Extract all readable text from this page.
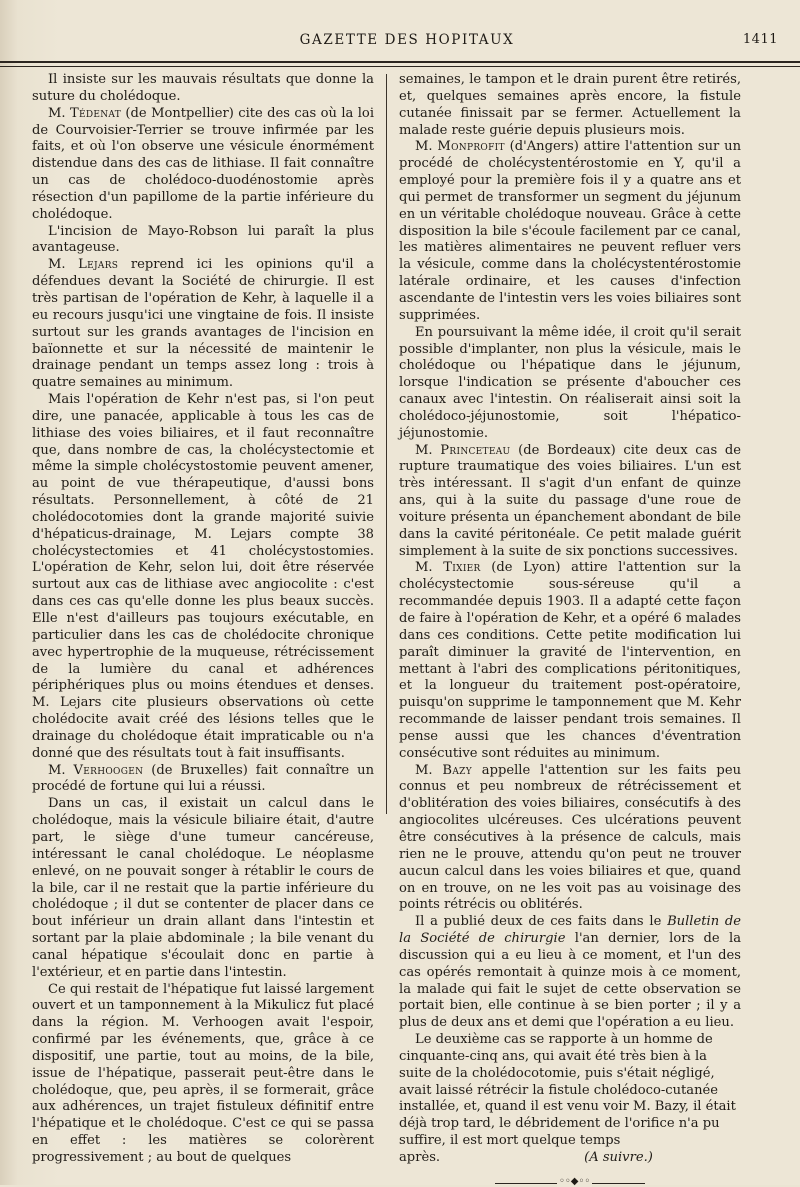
GAZETTE DES HOPITAUX	1411

Il insiste sur les mauvais résultats que donne la suture du cholédoque.

M. Tédenat (de Montpellier) cite des cas où la loi de Courvoisier-Terrier se trouve infirmée par les faits, et où l'on observe une vésicule énormément distendue dans des cas de lithiase. Il fait connaître un cas de cholédoco-duodénostomie après résection d'un papillome de la partie inférieure du cholédoque.

L'incision de Mayo-Robson lui paraît la plus avantageuse.

M. Lejars reprend ici les opinions qu'il a défendues devant la Société de chirurgie. Il est très partisan de l'opération de Kehr, à laquelle il a eu recours jusqu'ici une vingtaine de fois. Il insiste surtout sur les grands avantages de l'incision en baïonnette et sur la nécessité de maintenir le drainage pendant un temps assez long : trois à quatre semaines au minimum.

Mais l'opération de Kehr n'est pas, si l'on peut dire, une panacée, applicable à tous les cas de lithiase des voies biliaires, et il faut reconnaître que, dans nombre de cas, la cholécystectomie et même la simple cholécystostomie peuvent amener, au point de vue thérapeutique, d'aussi bons résultats. Personnellement, à côté de 21 cholédocotomies dont la grande majorité suivie d'hépaticus-drainage, M. Lejars compte 38 cholécystectomies et 41 cholécystostomies. L'opération de Kehr, selon lui, doit être réservée surtout aux cas de lithiase avec angiocolite : c'est dans ces cas qu'elle donne les plus beaux succès. Elle n'est d'ailleurs pas toujours exécutable, en particulier dans les cas de cholédocite chronique avec hypertrophie de la muqueuse, rétrécissement de la lumière du canal et adhérences périphériques plus ou moins étendues et denses. M. Lejars cite plusieurs observations où cette cholédocite avait créé des lésions telles que le drainage du cholédoque était impraticable ou n'a donné que des résultats tout à fait insuffisants.

M. Verhoogen (de Bruxelles) fait connaître un procédé de fortune qui lui a réussi.

Dans un cas, il existait un calcul dans le cholédoque, mais la vésicule biliaire était, d'autre part, le siège d'une tumeur cancéreuse, intéressant le canal cholédoque. Le néoplasme enlevé, on ne pouvait songer à rétablir le cours de la bile, car il ne restait que la partie inférieure du cholédoque ; il dut se contenter de placer dans ce bout inférieur un drain allant dans l'intestin et sortant par la plaie abdominale ; la bile venant du canal hépatique s'écoulait donc en partie à l'extérieur, et en partie dans l'intestin.

Ce qui restait de l'hépatique fut laissé largement ouvert et un tamponnement à la Mikulicz fut placé dans la région. M. Verhoogen avait l'espoir, confirmé par les événements, que, grâce à ce dispositif, une partie, tout au moins, de la bile, issue de l'hépatique, passerait peut-être dans le cholédoque, que, peu après, il se formerait, grâce aux adhérences, un trajet fistuleux définitif entre l'hépatique et le cholédoque. C'est ce qui se passa en effet : les matières se colorèrent progressivement ; au bout de quelques

semaines, le tampon et le drain purent être retirés, et, quelques semaines après encore, la fistule cutanée finissait par se fermer. Actuellement la malade reste guérie depuis plusieurs mois.

M. Monprofit (d'Angers) attire l'attention sur un procédé de cholécystentérostomie en Y, qu'il a employé pour la première fois il y a quatre ans et qui permet de transformer un segment du jéjunum en un véritable cholédoque nouveau. Grâce à cette disposition la bile s'écoule facilement par ce canal, les matières alimentaires ne peuvent refluer vers la vésicule, comme dans la cholécystentérostomie latérale ordinaire, et les causes d'infection ascendante de l'intestin vers les voies biliaires sont supprimées.

En poursuivant la même idée, il croit qu'il serait possible d'implanter, non plus la vésicule, mais le cholédoque ou l'hépatique dans le jéjunum, lorsque l'indication se présente d'aboucher ces canaux avec l'intestin. On réaliserait ainsi soit la cholédoco-jéjunostomie, soit l'hépatico-jéjunostomie.

M. Princeteau (de Bordeaux) cite deux cas de rupture traumatique des voies biliaires. L'un est très intéressant. Il s'agit d'un enfant de quinze ans, qui à la suite du passage d'une roue de voiture présenta un épanchement abondant de bile dans la cavité péritonéale. Ce petit malade guérit simplement à la suite de six ponctions successives.

M. Tixier (de Lyon) attire l'attention sur la cholécystectomie sous-séreuse qu'il a recommandée depuis 1903. Il a adapté cette façon de faire à l'opération de Kehr, et a opéré 6 malades dans ces conditions. Cette petite modification lui paraît diminuer la gravité de l'intervention, en mettant à l'abri des complications péritonitiques, et la longueur du traitement post-opératoire, puisqu'on supprime le tamponnement que M. Kehr recommande de laisser pendant trois semaines. Il pense aussi que les chances d'éventration consécutive sont réduites au minimum.

M. Bazy appelle l'attention sur les faits peu connus et peu nombreux de rétrécissement et d'oblitération des voies biliaires, consécutifs à des angiocolites ulcéreuses. Ces ulcérations peuvent être consécutives à la présence de calculs, mais rien ne le prouve, attendu qu'on peut ne trouver aucun calcul dans les voies biliaires et que, quand on en trouve, on ne les voit pas au voisinage des points rétrécis ou oblitérés.

Il a publié deux de ces faits dans le Bulletin de la Société de chirurgie l'an dernier, lors de la discussion qui a eu lieu à ce moment, et l'un des cas opérés remontait à quinze mois à ce moment, la malade qui fait le sujet de cette observation se portait bien, elle continue à se bien porter ; il y a plus de deux ans et demi que l'opération a eu lieu.

Le deuxième cas se rapporte à un homme de cinquante-cinq ans, qui avait été très bien à la suite de la cholédocotomie, puis s'était négligé, avait laissé rétrécir la fistule cholédoco-cutanée installée, et, quand il est venu voir M. Bazy, il était déjà trop tard, le débridement de l'orifice n'a pu suffire, il est mort quelque temps après.           	(A suivre.)

◦◦◆◦◦
